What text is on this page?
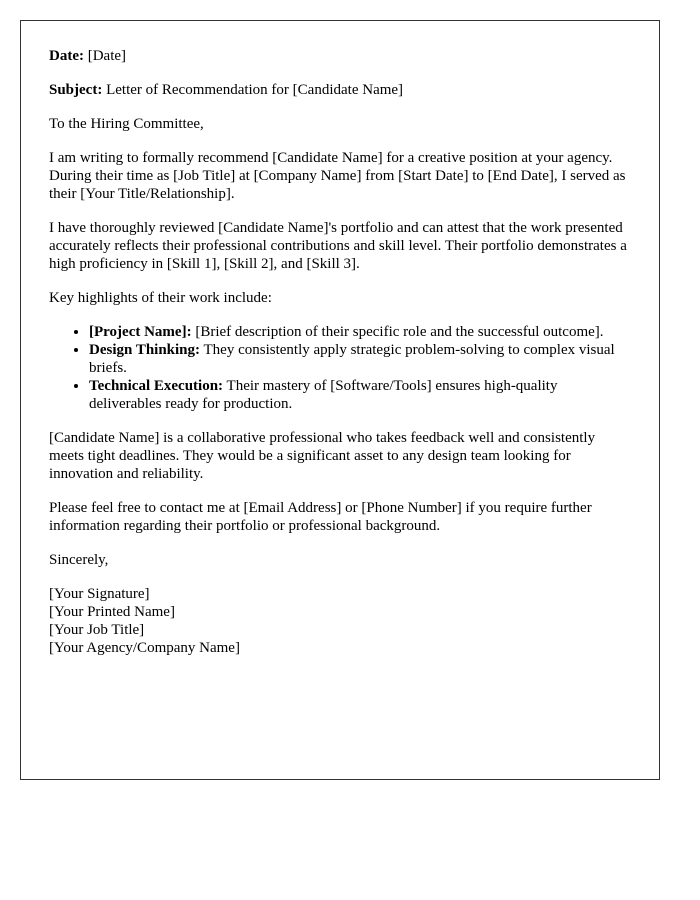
Date: [Date]

Subject: Letter of Recommendation for [Candidate Name]

To the Hiring Committee,

I am writing to formally recommend [Candidate Name] for a creative position at your agency. During their time as [Job Title] at [Company Name] from [Start Date] to [End Date], I served as their [Your Title/Relationship].

I have thoroughly reviewed [Candidate Name]'s portfolio and can attest that the work presented accurately reflects their professional contributions and skill level. Their portfolio demonstrates a high proficiency in [Skill 1], [Skill 2], and [Skill 3].

Key highlights of their work include:

• [Project Name]: [Brief description of their specific role and the successful outcome].
• Design Thinking: They consistently apply strategic problem-solving to complex visual briefs.
• Technical Execution: Their mastery of [Software/Tools] ensures high-quality deliverables ready for production.

[Candidate Name] is a collaborative professional who takes feedback well and consistently meets tight deadlines. They would be a significant asset to any design team looking for innovation and reliability.

Please feel free to contact me at [Email Address] or [Phone Number] if you require further information regarding their portfolio or professional background.

Sincerely,

[Your Signature]
[Your Printed Name]
[Your Job Title]
[Your Agency/Company Name]
